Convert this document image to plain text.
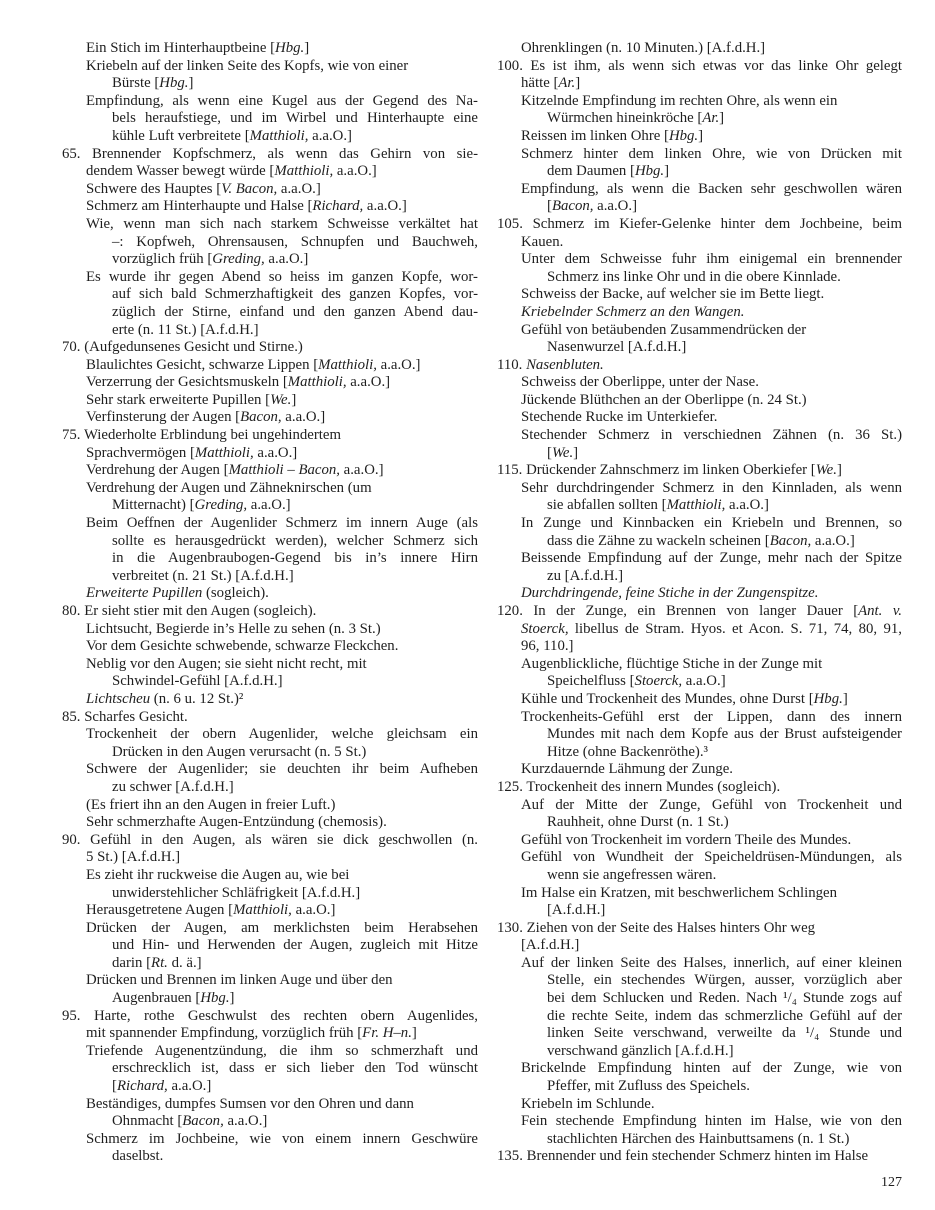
Ein Stich im Hinterhauptbeine [Hbg.]
Kriebeln auf der linken Seite des Kopfs, wie von einer
Bürste [Hbg.]
Empfindung, als wenn eine Kugel aus der Gegend des Na-
bels heraufstiege, und im Wirbel und Hinterhaupte eine
kühle Luft verbreitete [Matthioli, a.a.O.]
65. Brennender Kopfschmerz, als wenn das Gehirn von sie-
dendem Wasser bewegt würde [Matthioli, a.a.O.]
Schwere des Hauptes [V. Bacon, a.a.O.]
Schmerz am Hinterhaupte und Halse [Richard, a.a.O.]
Wie, wenn man sich nach starkem Schweisse verkältet hat
–: Kopfweh, Ohrensausen, Schnupfen und Bauchweh,
vorzüglich früh [Greding, a.a.O.]
Es wurde ihr gegen Abend so heiss im ganzen Kopfe, wor-
auf sich bald Schmerzhaftigkeit des ganzen Kopfes, vor-
züglich der Stirne, einfand und den ganzen Abend dau-
erte (n. 11 St.) [A.f.d.H.]
70. (Aufgedunsenes Gesicht und Stirne.)
Blaulichtes Gesicht, schwarze Lippen [Matthioli, a.a.O.]
Verzerrung der Gesichtsmuskeln [Matthioli, a.a.O.]
Sehr stark erweiterte Pupillen [We.]
Verfinsterung der Augen [Bacon, a.a.O.]
75. Wiederholte Erblindung bei ungehindertem
Sprachvermögen [Matthioli, a.a.O.]
Verdrehung der Augen [Matthioli – Bacon, a.a.O.]
Verdrehung der Augen und Zähneknirschen (um
Mitternacht) [Greding, a.a.O.]
Beim Oeffnen der Augenlider Schmerz im innern Auge (als
sollte es herausgedrückt werden), welcher Schmerz sich
in die Augenbraubogen-Gegend bis in’s innere Hirn
verbreitet (n. 21 St.) [A.f.d.H.]
Erweiterte Pupillen (sogleich).
80. Er sieht stier mit den Augen (sogleich).
Lichtsucht, Begierde in’s Helle zu sehen (n. 3 St.)
Vor dem Gesichte schwebende, schwarze Fleckchen.
Neblig vor den Augen; sie sieht nicht recht, mit
Schwindel-Gefühl [A.f.d.H.]
Lichtscheu (n. 6 u. 12 St.)²
85. Scharfes Gesicht.
Trockenheit der obern Augenlider, welche gleichsam ein
Drücken in den Augen verursacht (n. 5 St.)
Schwere der Augenlider; sie deuchten ihr beim Aufheben
zu schwer [A.f.d.H.]
(Es friert ihn an den Augen in freier Luft.)
Sehr schmerzhafte Augen-Entzündung (chemosis).
90. Gefühl in den Augen, als wären sie dick geschwollen (n.
5 St.) [A.f.d.H.]
Es zieht ihr ruckweise die Augen au, wie bei
unwiderstehlicher Schläfrigkeit [A.f.d.H.]
Herausgetretene Augen [Matthioli, a.a.O.]
Drücken der Augen, am merklichsten beim Herabsehen
und Hin- und Herwenden der Augen, zugleich mit Hitze
darin [Rt. d. ä.]
Drücken und Brennen im linken Auge und über den
Augenbrauen [Hbg.]
95. Harte, rothe Geschwulst des rechten obern Augenlides,
mit spannender Empfindung, vorzüglich früh [Fr. H–n.]
Triefende Augenentzündung, die ihm so schmerzhaft und
erschrecklich ist, dass er sich lieber den Tod wünscht
[Richard, a.a.O.]
Beständiges, dumpfes Sumsen vor den Ohren und dann
Ohnmacht [Bacon, a.a.O.]
Schmerz im Jochbeine, wie von einem innern Geschwüre
daselbst.
Ohrenklingen (n. 10 Minuten.) [A.f.d.H.]
100. Es ist ihm, als wenn sich etwas vor das linke Ohr gelegt
hätte [Ar.]
Kitzelnde Empfindung im rechten Ohre, als wenn ein
Würmchen hineinkröche [Ar.]
Reissen im linken Ohre [Hbg.]
Schmerz hinter dem linken Ohre, wie von Drücken mit
dem Daumen [Hbg.]
Empfindung, als wenn die Backen sehr geschwollen wären
[Bacon, a.a.O.]
105. Schmerz im Kiefer-Gelenke hinter dem Jochbeine, beim
Kauen.
Unter dem Schweisse fuhr ihm einigemal ein brennender
Schmerz ins linke Ohr und in die obere Kinnlade.
Schweiss der Backe, auf welcher sie im Bette liegt.
Kriebelnder Schmerz an den Wangen.
Gefühl von betäubenden Zusammendrücken der
Nasenwurzel [A.f.d.H.]
110. Nasenbluten.
Schweiss der Oberlippe, unter der Nase.
Jückende Blüthchen an der Oberlippe (n. 24 St.)
Stechende Rucke im Unterkiefer.
Stechender Schmerz in verschiednen Zähnen (n. 36 St.)
[We.]
115. Drückender Zahnschmerz im linken Oberkiefer [We.]
Sehr durchdringender Schmerz in den Kinnladen, als wenn
sie abfallen sollten [Matthioli, a.a.O.]
In Zunge und Kinnbacken ein Kriebeln und Brennen, so
dass die Zähne zu wackeln scheinen [Bacon, a.a.O.]
Beissende Empfindung auf der Zunge, mehr nach der Spitze
zu [A.f.d.H.]
Durchdringende, feine Stiche in der Zungenspitze.
120. In der Zunge, ein Brennen von langer Dauer [Ant. v.
Stoerck, libellus de Stram. Hyos. et Acon. S. 71, 74, 80, 91,
96, 110.]
Augenblickliche, flüchtige Stiche in der Zunge mit
Speichelfluss [Stoerck, a.a.O.]
Kühle und Trockenheit des Mundes, ohne Durst [Hbg.]
Trockenheits-Gefühl erst der Lippen, dann des innern
Mundes mit nach dem Kopfe aus der Brust aufsteigender
Hitze (ohne Backenröthe).³
Kurzdauernde Lähmung der Zunge.
125. Trockenheit des innern Mundes (sogleich).
Auf der Mitte der Zunge, Gefühl von Trockenheit und
Rauhheit, ohne Durst (n. 1 St.)
Gefühl von Trockenheit im vordern Theile des Mundes.
Gefühl von Wundheit der Speicheldrüsen-Mündungen, als
wenn sie angefressen wären.
Im Halse ein Kratzen, mit beschwerlichem Schlingen
[A.f.d.H.]
130. Ziehen von der Seite des Halses hinters Ohr weg
[A.f.d.H.]
Auf der linken Seite des Halses, innerlich, auf einer kleinen
Stelle, ein stechendes Würgen, ausser, vorzüglich aber
bei dem Schlucken und Reden. Nach ¹/₄ Stunde zogs auf
die rechte Seite, indem das schmerzliche Gefühl auf der
linken Seite verschwand, verweilte da ¹/₄ Stunde und
verschwand gänzlich [A.f.d.H.]
Brickelnde Empfindung hinten auf der Zunge, wie von
Pfeffer, mit Zufluss des Speichels.
Kriebeln im Schlunde.
Fein stechende Empfindung hinten im Halse, wie von den
stachlichten Härchen des Hainbuttsamens (n. 1 St.)
135. Brennender und fein stechender Schmerz hinten im Halse
127
